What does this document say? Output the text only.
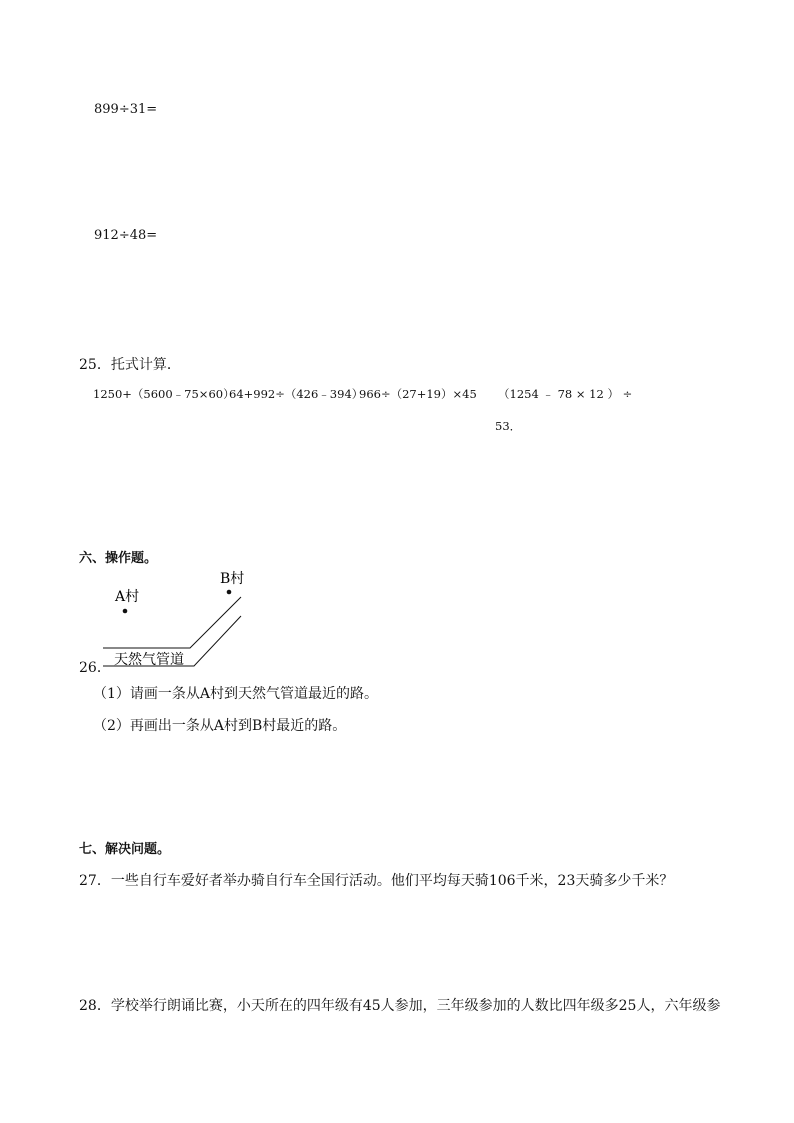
899÷31=
912÷48=
25．托式计算．
1250+（5600﹣75×60）
64+992÷（426﹣394）
966÷（27+19）×45 （1254 ﹣ 78 × 12 ） ÷
53．
六、操作题。
A村
B村
天然气管道
26．
（1）请画一条从A村到天然气管道最近的路。
（2）再画出一条从A村到B村最近的路。
七、解决问题。
27．一些自行车爱好者举办骑自行车全国行活动。他们平均每天骑106千米，23天骑多少千米？
28．学校举行朗诵比赛，小天所在的四年级有45人参加，三年级参加的人数比四年级多25人，六年级参
